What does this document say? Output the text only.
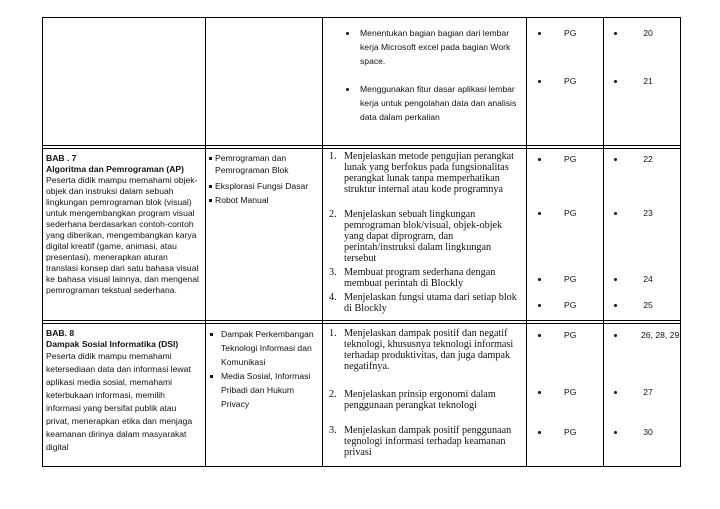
Menentukan bagian bagian dari lembar
kerja Microsoft excel pada bagian Work
space.
Menggunakan fitur dasar aplikasi lembar
kerja untuk pengolahan data dan analisis
data dalam perkalian
PG
PG
20
21
BAB . 7
Algoritma dan Pemrograman (AP)
Peserta didik mampu memahami objek-
objek dan instruksi dalam sebuah
lingkungan pemrograman blok (visual)
untuk mengembangkan program visual
sederhana berdasarkan contoh-contoh
yang diberikan, mengembangkan karya
digital kreatif (game, animasi, atau
presentasi), menerapkan aturan
translasi konsep dari satu bahasa visual
ke bahasa visual lainnya, dan mengenal
pemrograman tekstual sederhana.
Pemrograman dan
Pemrograman Blok
Eksplorasi Fungsi Dasar
Robot Manual
1. Menjelaskan metode pengujian perangkat
lunak yang berfokus pada fungsionalitas
perangkat lunak tanpa memperhatikan
struktur internal atau kode programnya
2. Menjelaskan sebuah lingkungan
pemrograman blok/visual, objek-objek
yang dapat diprogram, dan
perintah/instruksi dalam lingkungan
tersebut
3. Membuat program sederhana dengan
membuat perintah di Blockly
4. Menjelaskan fungsi utama dari setiap blok
di Blockly
PG
PG
PG
PG
22
23
24
25
BAB. 8
Dampak Sosial Informatika (DSI)
Peserta didik mampu memahami
ketersediaan data dan informasi lewat
aplikasi media sosial, memahami
keterbukaan informasi, memilih
informasi yang bersifat publik atau
privat, menerapkan etika dan menjaga
keamanan dirinya dalam masyarakat
digital
Dampak Perkembangan
Teknologi Informasi dan
Komunikasi
Media Sosial, Informasi
Pribadi dan Hukum
Privacy
1. Menjelaskan dampak positif dan negatif
teknologi, khususnya teknologi informasi
terhadap produktivitas, dan juga dampak
negatifnya.
2. Menjelaskan prinsip ergonomi dalam
penggunaan perangkat teknologi
3. Menjelaskan dampak positif penggunaan
tegnologi informasi terhadap keamanan
privasi
PG
PG
PG
26, 28, 29
27
30
